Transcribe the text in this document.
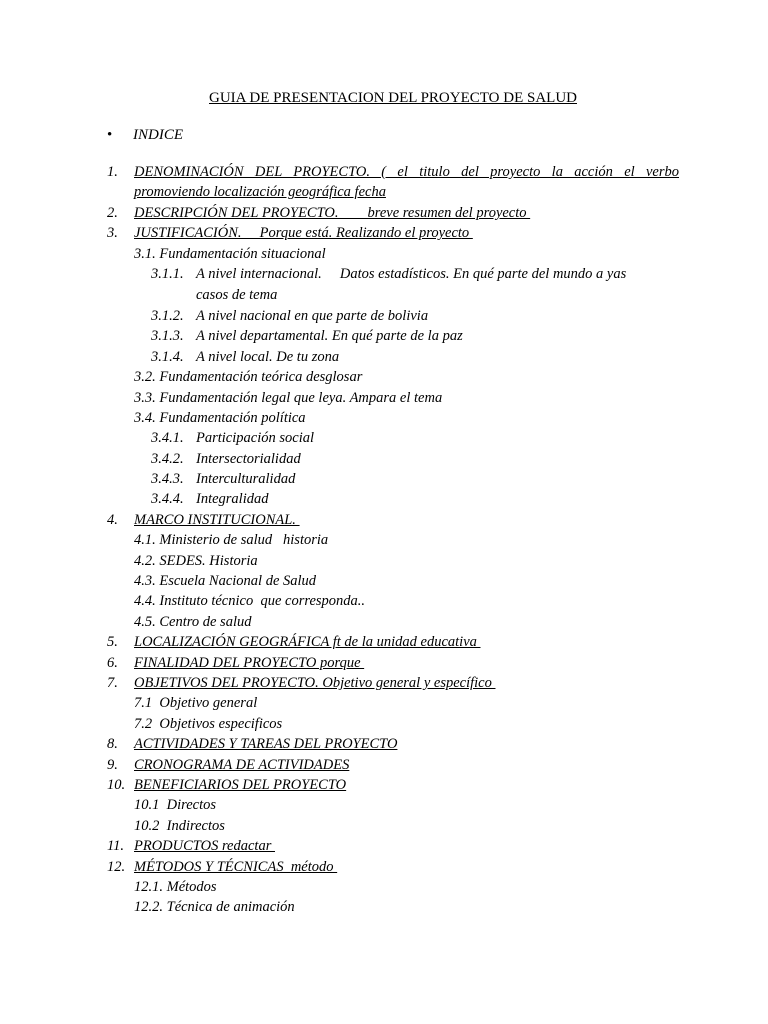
GUIA DE PRESENTACION DEL PROYECTO DE SALUD
• INDICE
1. DENOMINACIÓN DEL PROYECTO. ( el titulo del proyecto la acción el verbo
promoviendo localización geográfica fecha
2. DESCRIPCIÓN DEL PROYECTO.        breve resumen del proyecto
3. JUSTIFICACIÓN.     Porque está. Realizando el proyecto
3.1. Fundamentación situacional
3.1.1. A nivel internacional.     Datos estadísticos. En qué parte del mundo a yas
casos de tema
3.1.2. A nivel nacional en que parte de bolivia
3.1.3. A nivel departamental. En qué parte de la paz
3.1.4. A nivel local. De tu zona
3.2. Fundamentación teórica desglosar
3.3. Fundamentación legal que leya. Ampara el tema
3.4. Fundamentación política
3.4.1. Participación social
3.4.2. Intersectorialidad
3.4.3. Interculturalidad
3.4.4. Integralidad
4. MARCO INSTITUCIONAL.
4.1. Ministerio de salud   historia
4.2. SEDES. Historia
4.3. Escuela Nacional de Salud
4.4. Instituto técnico  que corresponda..
4.5. Centro de salud
5. LOCALIZACIÓN GEOGRÁFICA ft de la unidad educativa
6. FINALIDAD DEL PROYECTO porque
7. OBJETIVOS DEL PROYECTO. Objetivo general y específico
7.1  Objetivo general
7.2  Objetivos especificos
8. ACTIVIDADES Y TAREAS DEL PROYECTO
9. CRONOGRAMA DE ACTIVIDADES
10. BENEFICIARIOS DEL PROYECTO
10.1  Directos
10.2  Indirectos
11. PRODUCTOS redactar
12. MÉTODOS Y TÉCNICAS  método
12.1. Métodos
12.2. Técnica de animación
